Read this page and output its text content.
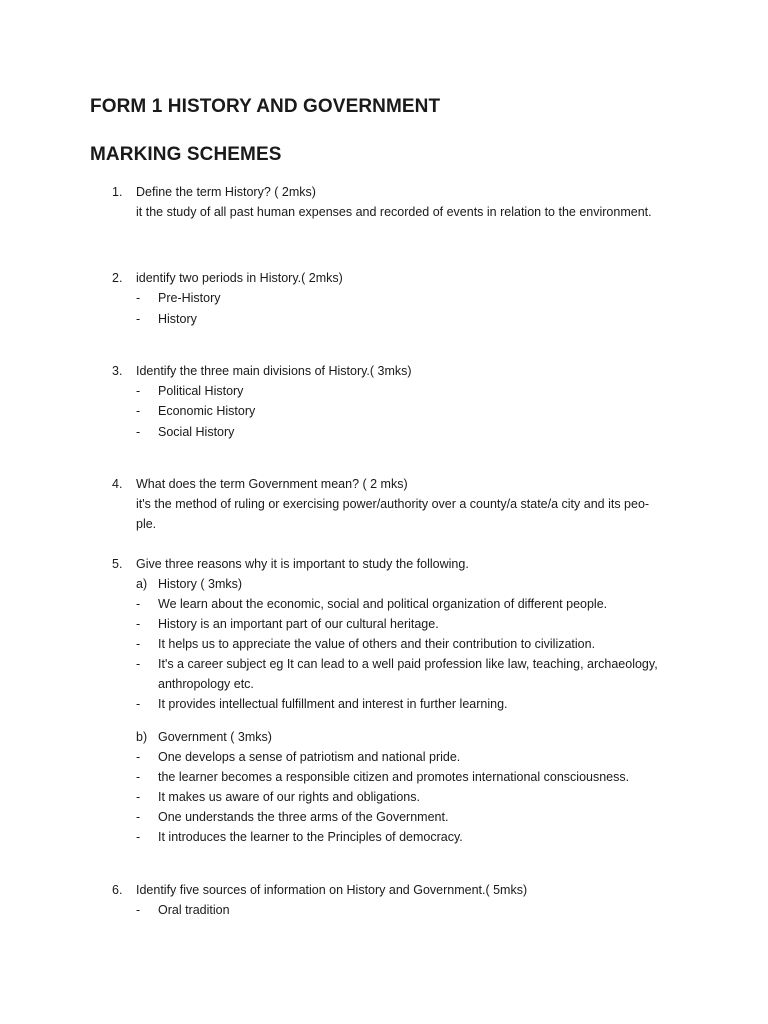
FORM 1 HISTORY AND GOVERNMENT
MARKING SCHEMES
1. Define the term History? ( 2mks)
it the study of all past human expenses and recorded of events in relation to the environment.
2. identify two periods in History.( 2mks)
- Pre-History
- History
3. Identify the three main divisions of History.( 3mks)
- Political History
- Economic History
- Social History
4. What does the term Government mean? ( 2 mks)
it's the method of ruling or exercising power/authority over a county/a state/a city and its peo-
ple.
5. Give three reasons why it is important to study the following.
a) History ( 3mks)
- We learn about the economic, social and political organization of different people.
- History is an important part of our cultural heritage.
- It helps us to appreciate the value of others and their contribution to civilization.
- It's a career subject eg It can lead to a well paid profession like law, teaching, archaeology,
anthropology etc.
- It provides intellectual fulfillment and interest in further learning.
b) Government ( 3mks)
- One develops a sense of patriotism and national pride.
- the learner becomes a responsible citizen and promotes international consciousness.
- It makes us aware of our rights and obligations.
- One understands the three arms of the Government.
- It introduces the learner to the Principles of democracy.
6. Identify five sources of information on History and Government.( 5mks)
- Oral tradition
